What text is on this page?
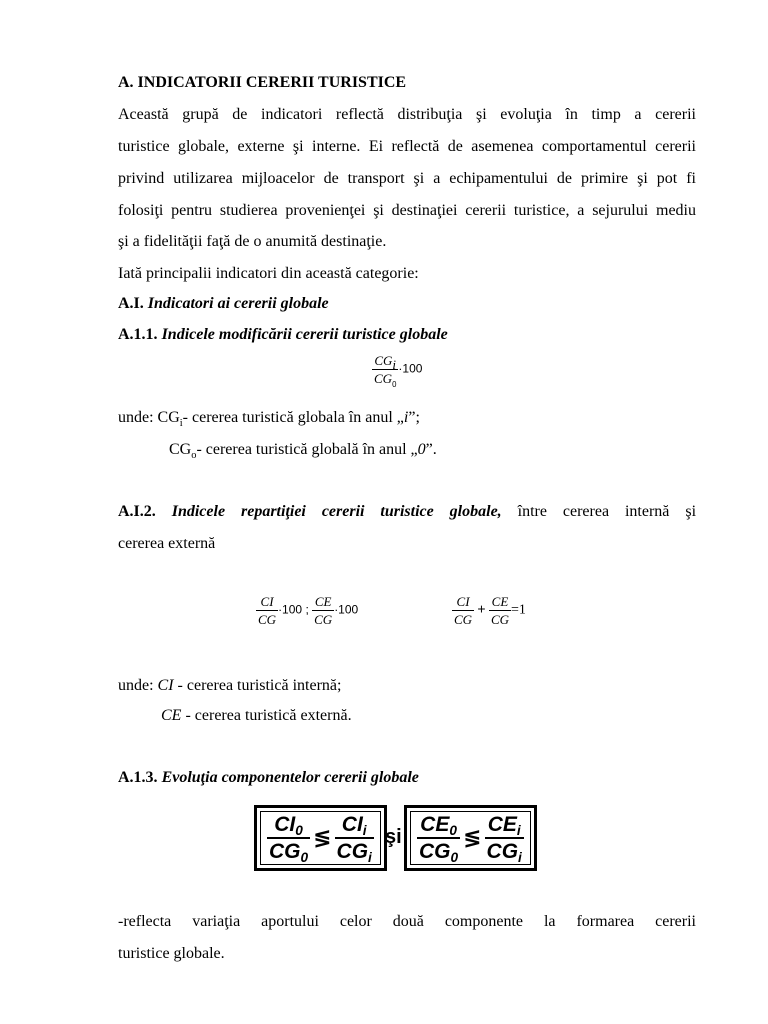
A. INDICATORII CERERII TURISTICE
Această grupă de indicatori reflectă distribuţia şi evoluţia în timp a cererii
turistice globale, externe şi interne. Ei reflectă de asemenea comportamentul cererii
privind utilizarea mijloacelor de transport şi a echipamentului de primire şi pot fi
folosiţi pentru studierea provenienţei şi destinaţiei cererii turistice, a sejurului mediu
şi a fidelităţii faţă de o anumită destinaţie.
Iată principalii indicatori din această categorie:
A.I. Indicatori ai cererii globale
A.1.1. Indicele modificării cererii turistice globale
$\frac{CG_i}{CG_0} \cdot 100$
unde: $CG_i-$ cererea turistică globala în anul „i”;
$CG_o-$ cererea turistică globală în anul „0”.
A.I.2. Indicele repartiţiei cererii turistice globale, între cererea internă şi
cererea externă
$\frac{CI}{CG} \cdot 100$ ; $\frac{CE}{CG} \cdot 100$	$\frac{CI}{CG} + \frac{CE}{CG} =1$
unde: CI - cererea turistică internă;
CE - cererea turistică externă.
A.1.3. Evoluţia componentelor cererii globale
$\frac{CI_0}{CG_0}$ ≶ $\frac{CI_i}{CG_i}$ şi $\frac{CE_0}{CG_0}$ ≶ $\frac{CE_i}{CG_i}$
-reflecta variaţia aportului celor două componente la formarea cererii
turistice globale.
